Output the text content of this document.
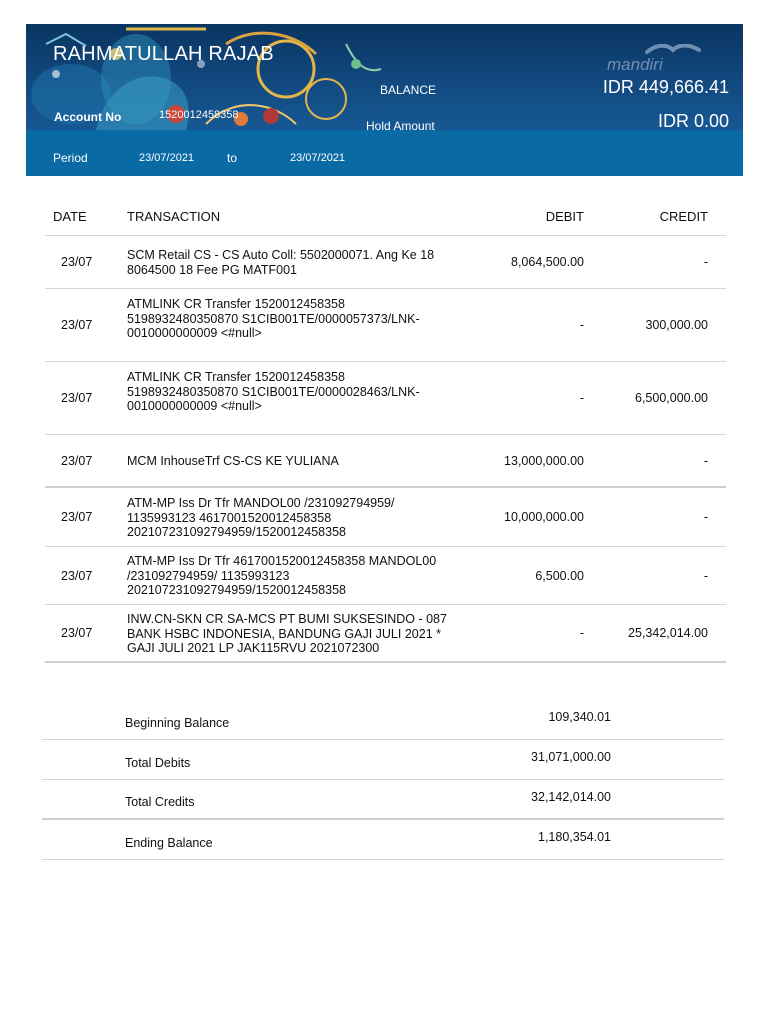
mandiri
RAHMATULLAH RAJAB
Account No	1520012458358
BALANCE	IDR 449,666.41
Hold Amount	IDR 0.00
Period	23/07/2021	to	23/07/2021
DATE	TRANSACTION	DEBIT	CREDIT
23/07	SCM Retail CS - CS Auto Coll: 5502000071. Ang Ke 18
8064500 18 Fee PG MATF001
8,064,500.00	-
23/07
ATMLINK CR Transfer 1520012458358
5198932480350870 S1CIB001TE/0000057373/LNK-
0010000000009 <#null>
-	300,000.00
23/07
ATMLINK CR Transfer 1520012458358
5198932480350870 S1CIB001TE/0000028463/LNK-
0010000000009 <#null>
-	6,500,000.00
23/07	MCM InhouseTrf CS-CS KE YULIANA	13,000,000.00	-
23/07
ATM-MP Iss Dr Tfr MANDOL00 /231092794959/
1135993123 4617001520012458358
20210723109279​4959/1520012458358
10,000,000.00	-
23/07
ATM-MP Iss Dr Tfr 4617001520012458358 MANDOL00
/231092794959/ 1135993123
20210723109279​4959/1520012458358
6,500.00	-
23/07
INW.CN-SKN CR SA-MCS PT BUMI SUKSESINDO - 087
BANK HSBC INDONESIA, BANDUNG GAJI JULI 2021 *
GAJI JULI 2021 LP JAK115RVU 2021072300
-	25,342,014.00
Beginning Balance	109,340.01
Total Debits	31,071,000.00
Total Credits	32,142,014.00
Ending Balance	1,180,354.01
